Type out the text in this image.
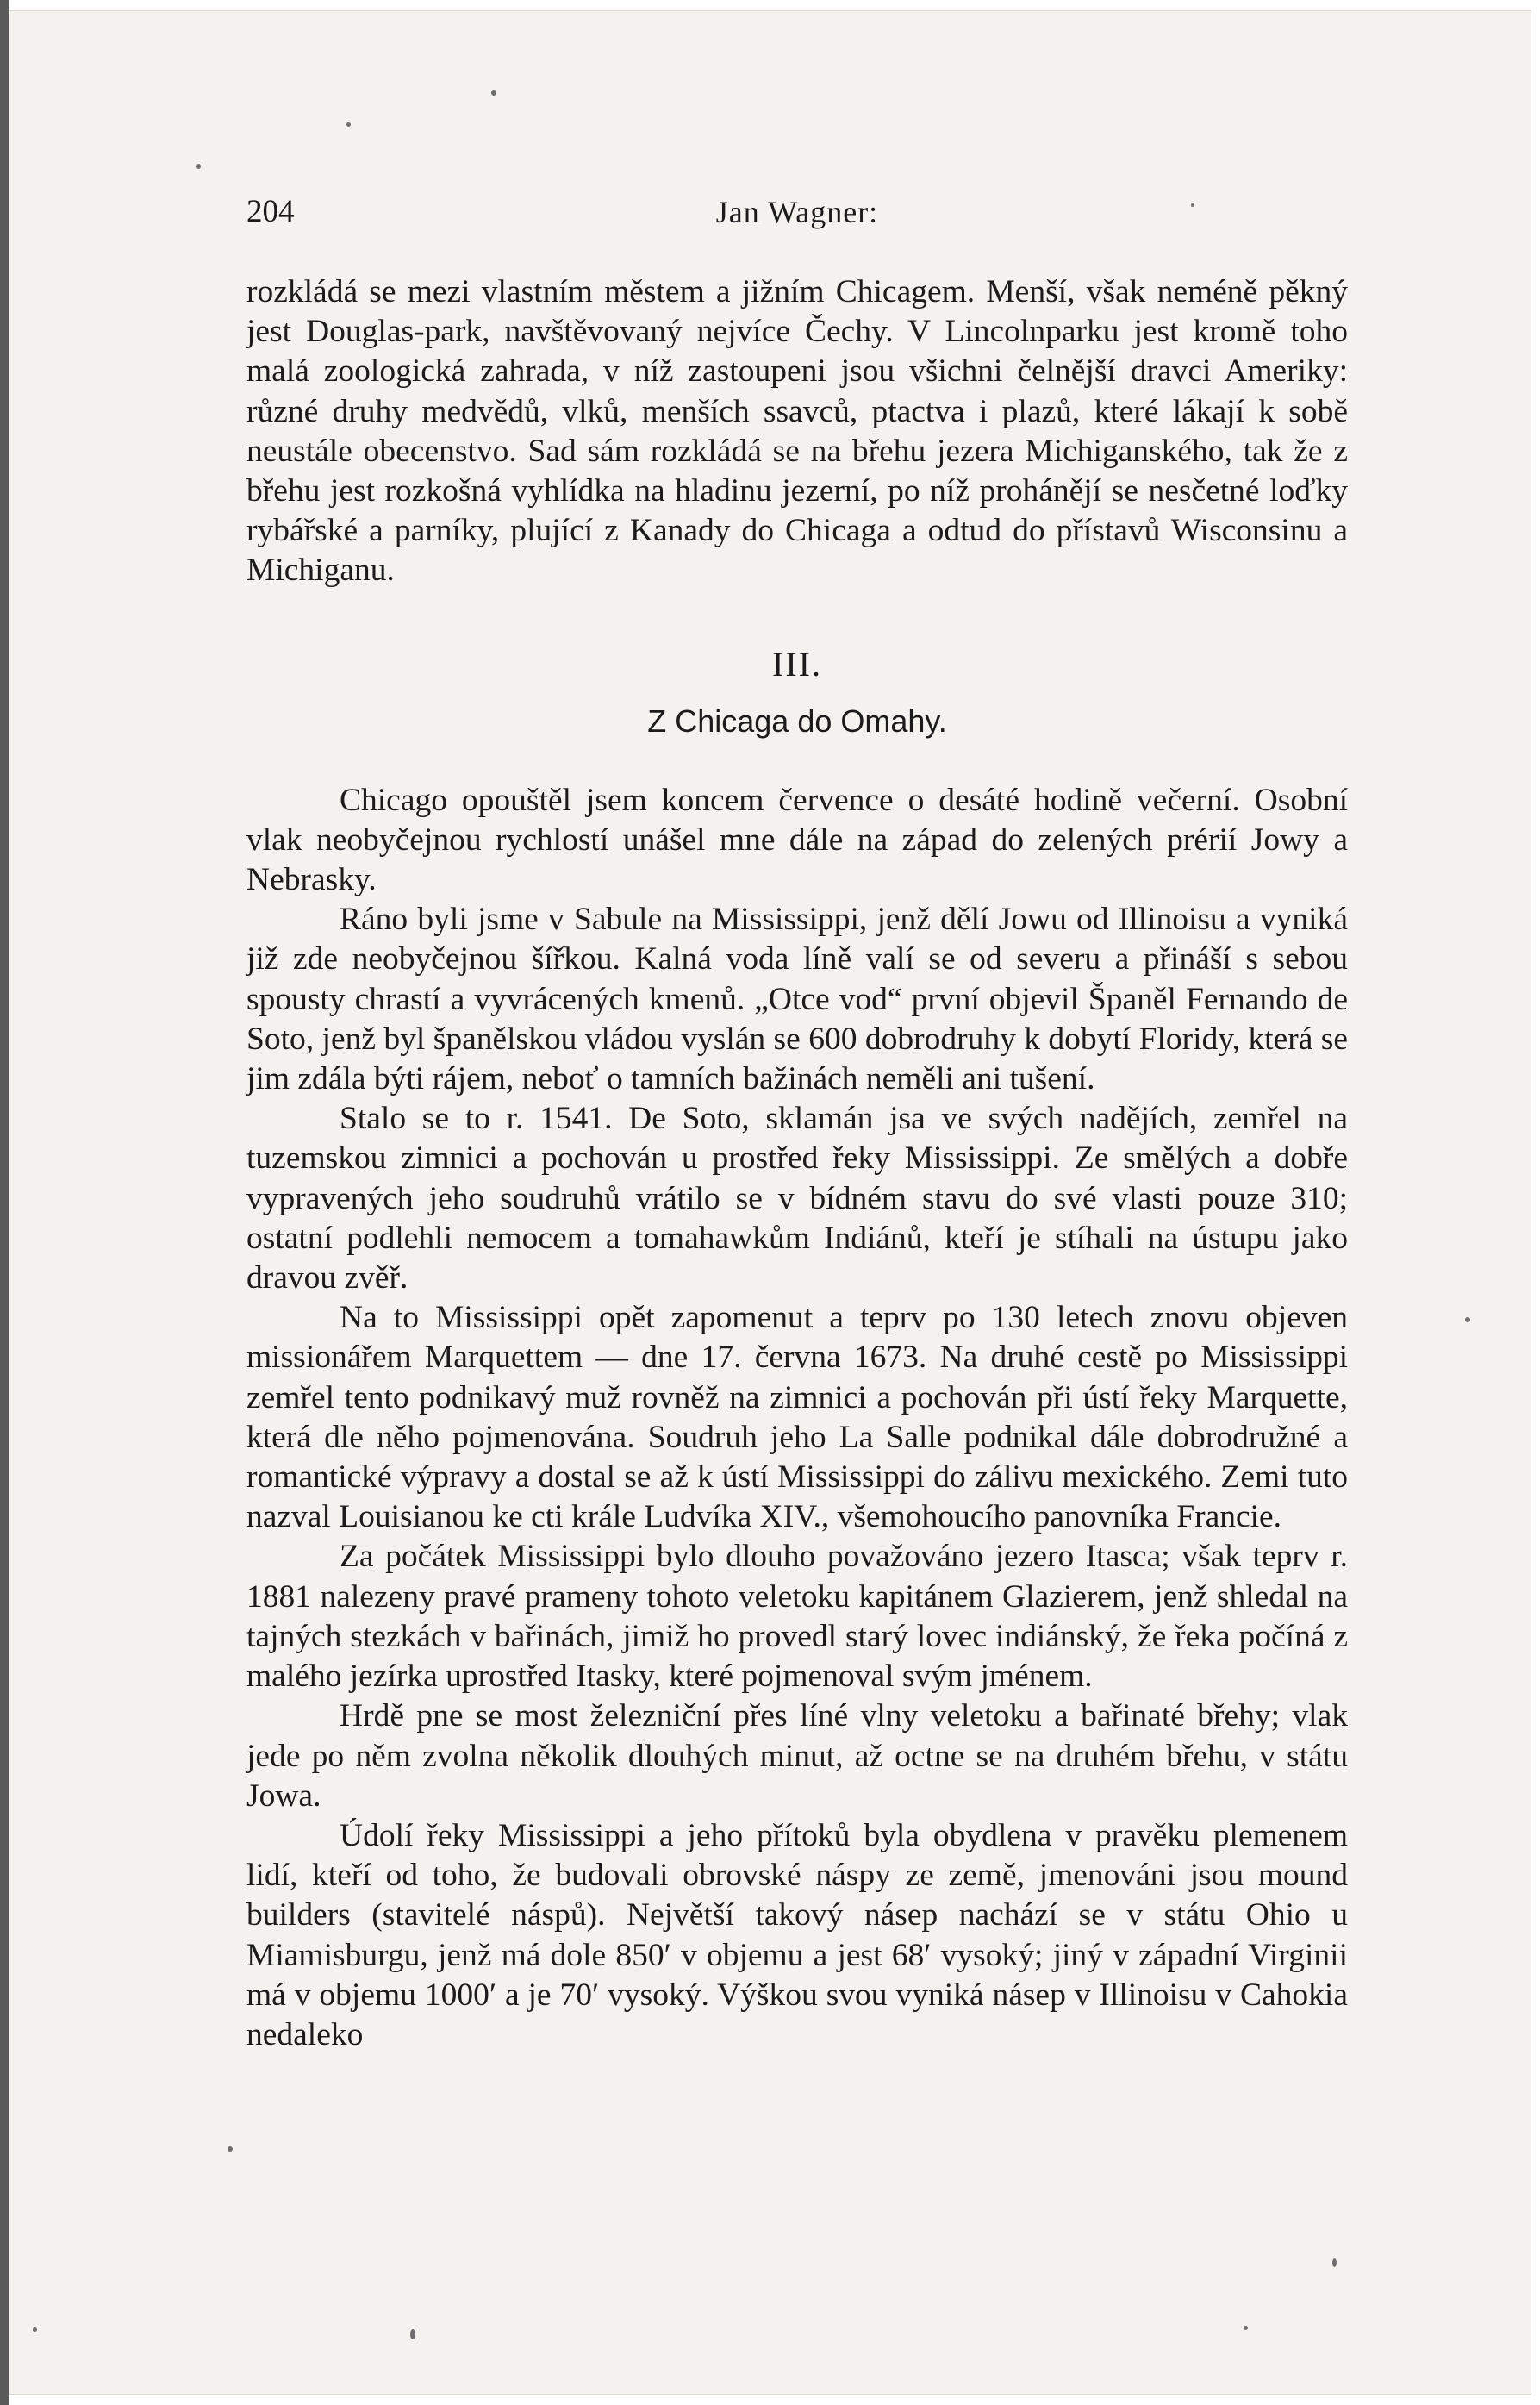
204	Jan Wagner:

rozkládá se mezi vlastním městem a jižním Chicagem. Menší, však neméně pěkný jest Douglas-park, navštěvovaný nejvíce Čechy. V Lincolnparku jest kromě toho malá zoologická zahrada, v níž zastoupeni jsou všichni čelnější dravci Ameriky: různé druhy medvědů, vlků, menších ssavců, ptactva i plazů, které lákají k sobě neustále obecenstvo. Sad sám rozkládá se na břehu jezera Michiganského, tak že z břehu jest rozkošná vyhlídka na hladinu jezerní, po níž prohánějí se nesčetné loďky rybářské a parníky, plující z Kanady do Chicaga a odtud do přístavů Wisconsinu a Michiganu.

III.

Z Chicaga do Omahy.

Chicago opouštěl jsem koncem července o desáté hodině večerní. Osobní vlak neobyčejnou rychlostí unášel mne dále na západ do zelených prérií Jowy a Nebrasky.

Ráno byli jsme v Sabule na Mississippi, jenž dělí Jowu od Illinoisu a vyniká již zde neobyčejnou šířkou. Kalná voda líně valí se od severu a přináší s sebou spousty chrastí a vyvrácených kmenů. „Otce vod“ první objevil Španěl Fernando de Soto, jenž byl španělskou vládou vyslán se 600 dobrodruhy k dobytí Floridy, která se jim zdála býti rájem, neboť o tamních bažinách neměli ani tušení.

Stalo se to r. 1541. De Soto, sklamán jsa ve svých nadějích, zemřel na tuzemskou zimnici a pochován u prostřed řeky Mississippi. Ze smělých a dobře vypravených jeho soudruhů vrátilo se v bídném stavu do své vlasti pouze 310; ostatní podlehli nemocem a tomahawkům Indiánů, kteří je stíhali na ústupu jako dravou zvěř.

Na to Mississippi opět zapomenut a teprv po 130 letech znovu objeven missionářem Marquettem — dne 17. června 1673. Na druhé cestě po Mississippi zemřel tento podnikavý muž rovněž na zimnici a pochován při ústí řeky Marquette, která dle něho pojmenována. Soudruh jeho La Salle podnikal dále dobrodružné a romantické výpravy a dostal se až k ústí Mississippi do zálivu mexického. Zemi tuto nazval Louisianou ke cti krále Ludvíka XIV., všemohoucího panovníka Francie.

Za počátek Mississippi bylo dlouho považováno jezero Itasca; však teprv r. 1881 nalezeny pravé prameny tohoto veletoku kapitánem Glazierem, jenž shledal na tajných stezkách v bařinách, jimiž ho provedl starý lovec indiánský, že řeka počíná z malého jezírka uprostřed Itasky, které pojmenoval svým jménem.

Hrdě pne se most železniční přes líné vlny veletoku a bařinaté břehy; vlak jede po něm zvolna několik dlouhých minut, až octne se na druhém břehu, v státu Jowa.

Údolí řeky Mississippi a jeho přítoků byla obydlena v pravěku plemenem lidí, kteří od toho, že budovali obrovské náspy ze země, jmenováni jsou mound builders (stavitelé náspů). Největší takový násep nachází se v státu Ohio u Miamisburgu, jenž má dole 850′ v objemu a jest 68′ vysoký; jiný v západní Virginii má v objemu 1000′ a je 70′ vysoký. Výškou svou vyniká násep v Illinoisu v Cahokia nedaleko
